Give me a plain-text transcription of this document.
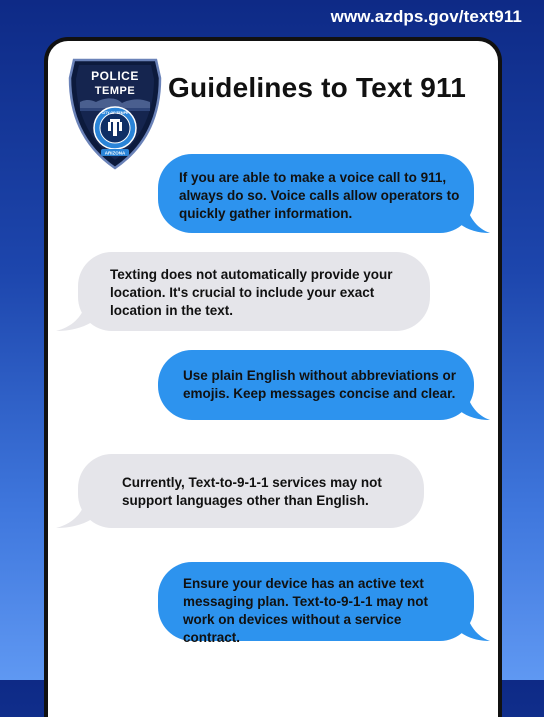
www.azdps.gov/text911
POLICE
TEMPE
CITY OF TEMPE
ARIZONA
Guidelines to Text 911
If you are able to make a voice call to 911, always do so. Voice calls allow operators to quickly gather information.
Texting does not automatically provide your location. It's crucial to include your exact location in the text.
Use plain English without abbreviations or emojis. Keep messages concise and clear.
Currently, Text-to-9-1-1 services may not support languages other than English.
Ensure your device has an active text messaging plan. Text-to-9-1-1 may not work on devices without a service contract.
